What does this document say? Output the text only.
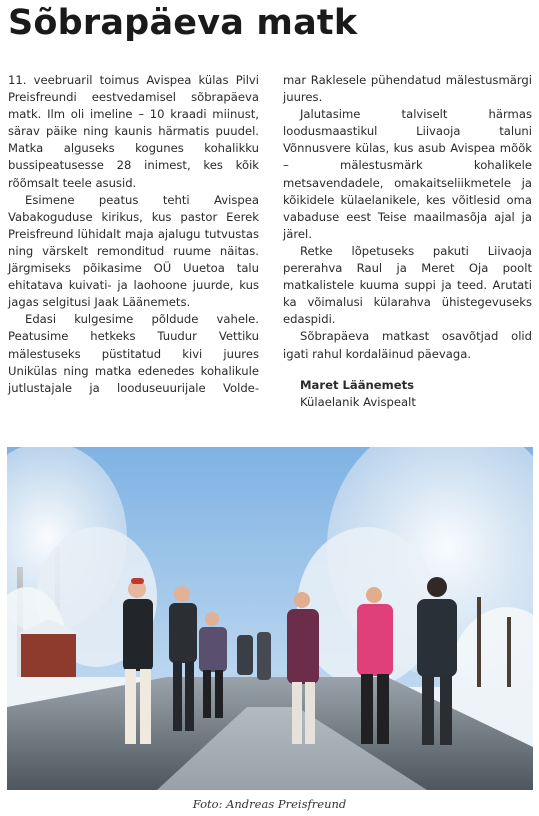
Sõbrapäeva matk

11. veebruaril toimus Avispea külas Pilvi Preisfreundi eestvedamisel sõbrapäeva matk. Ilm oli imeline – 10 kraadi miinust, särav päike ning kaunis härmatis puudel. Matka alguseks kogunes kohalikku bussipeatusesse 28 inimest, kes kõik rõõmsalt teele asusid.

Esimene peatus tehti Avispea Vabakoguduse kirikus, kus pastor Eerek Preisfreund lühidalt maja ajalugu tutvustas ning värskelt remonditud ruume näitas. Järgmiseks põikasime OÜ Uuetoa talu ehitatava kuivati- ja laohoone juurde, kus jagas selgitusi Jaak Läänemets.

Edasi kulgesime põldude vahele. Peatusime hetkeks Tuudur Vettiku mälestuseks püstitatud kivi juures Unikülas ning matka edenedes kohalikule jutlustajale ja looduseuurijale Volde-

mar Raklesele pühendatud mälestusmärgi juures.

Jalutasime talviselt härmas loodusmaastikul Liivaoja taluni Võnnusvere külas, kus asub Avispea mõõk – mälestusmärk kohalikele metsavendadele, omakaitseliikmetele ja kõikidele külaelanikele, kes võitlesid oma vabaduse eest Teise maailmasõja ajal ja järel.

Retke lõpetuseks pakuti Liivaoja pererahva Raul ja Meret Oja poolt matkalistele kuuma suppi ja teed. Arutati ka võimalusi külarahva ühistegevuseks edaspidi.

Sõbrapäeva matkast osavõtjad olid igati rahul kordaläinud päevaga.

Maret Läänemets
Külaelanik Avispealt

Foto: Andreas Preisfreund
